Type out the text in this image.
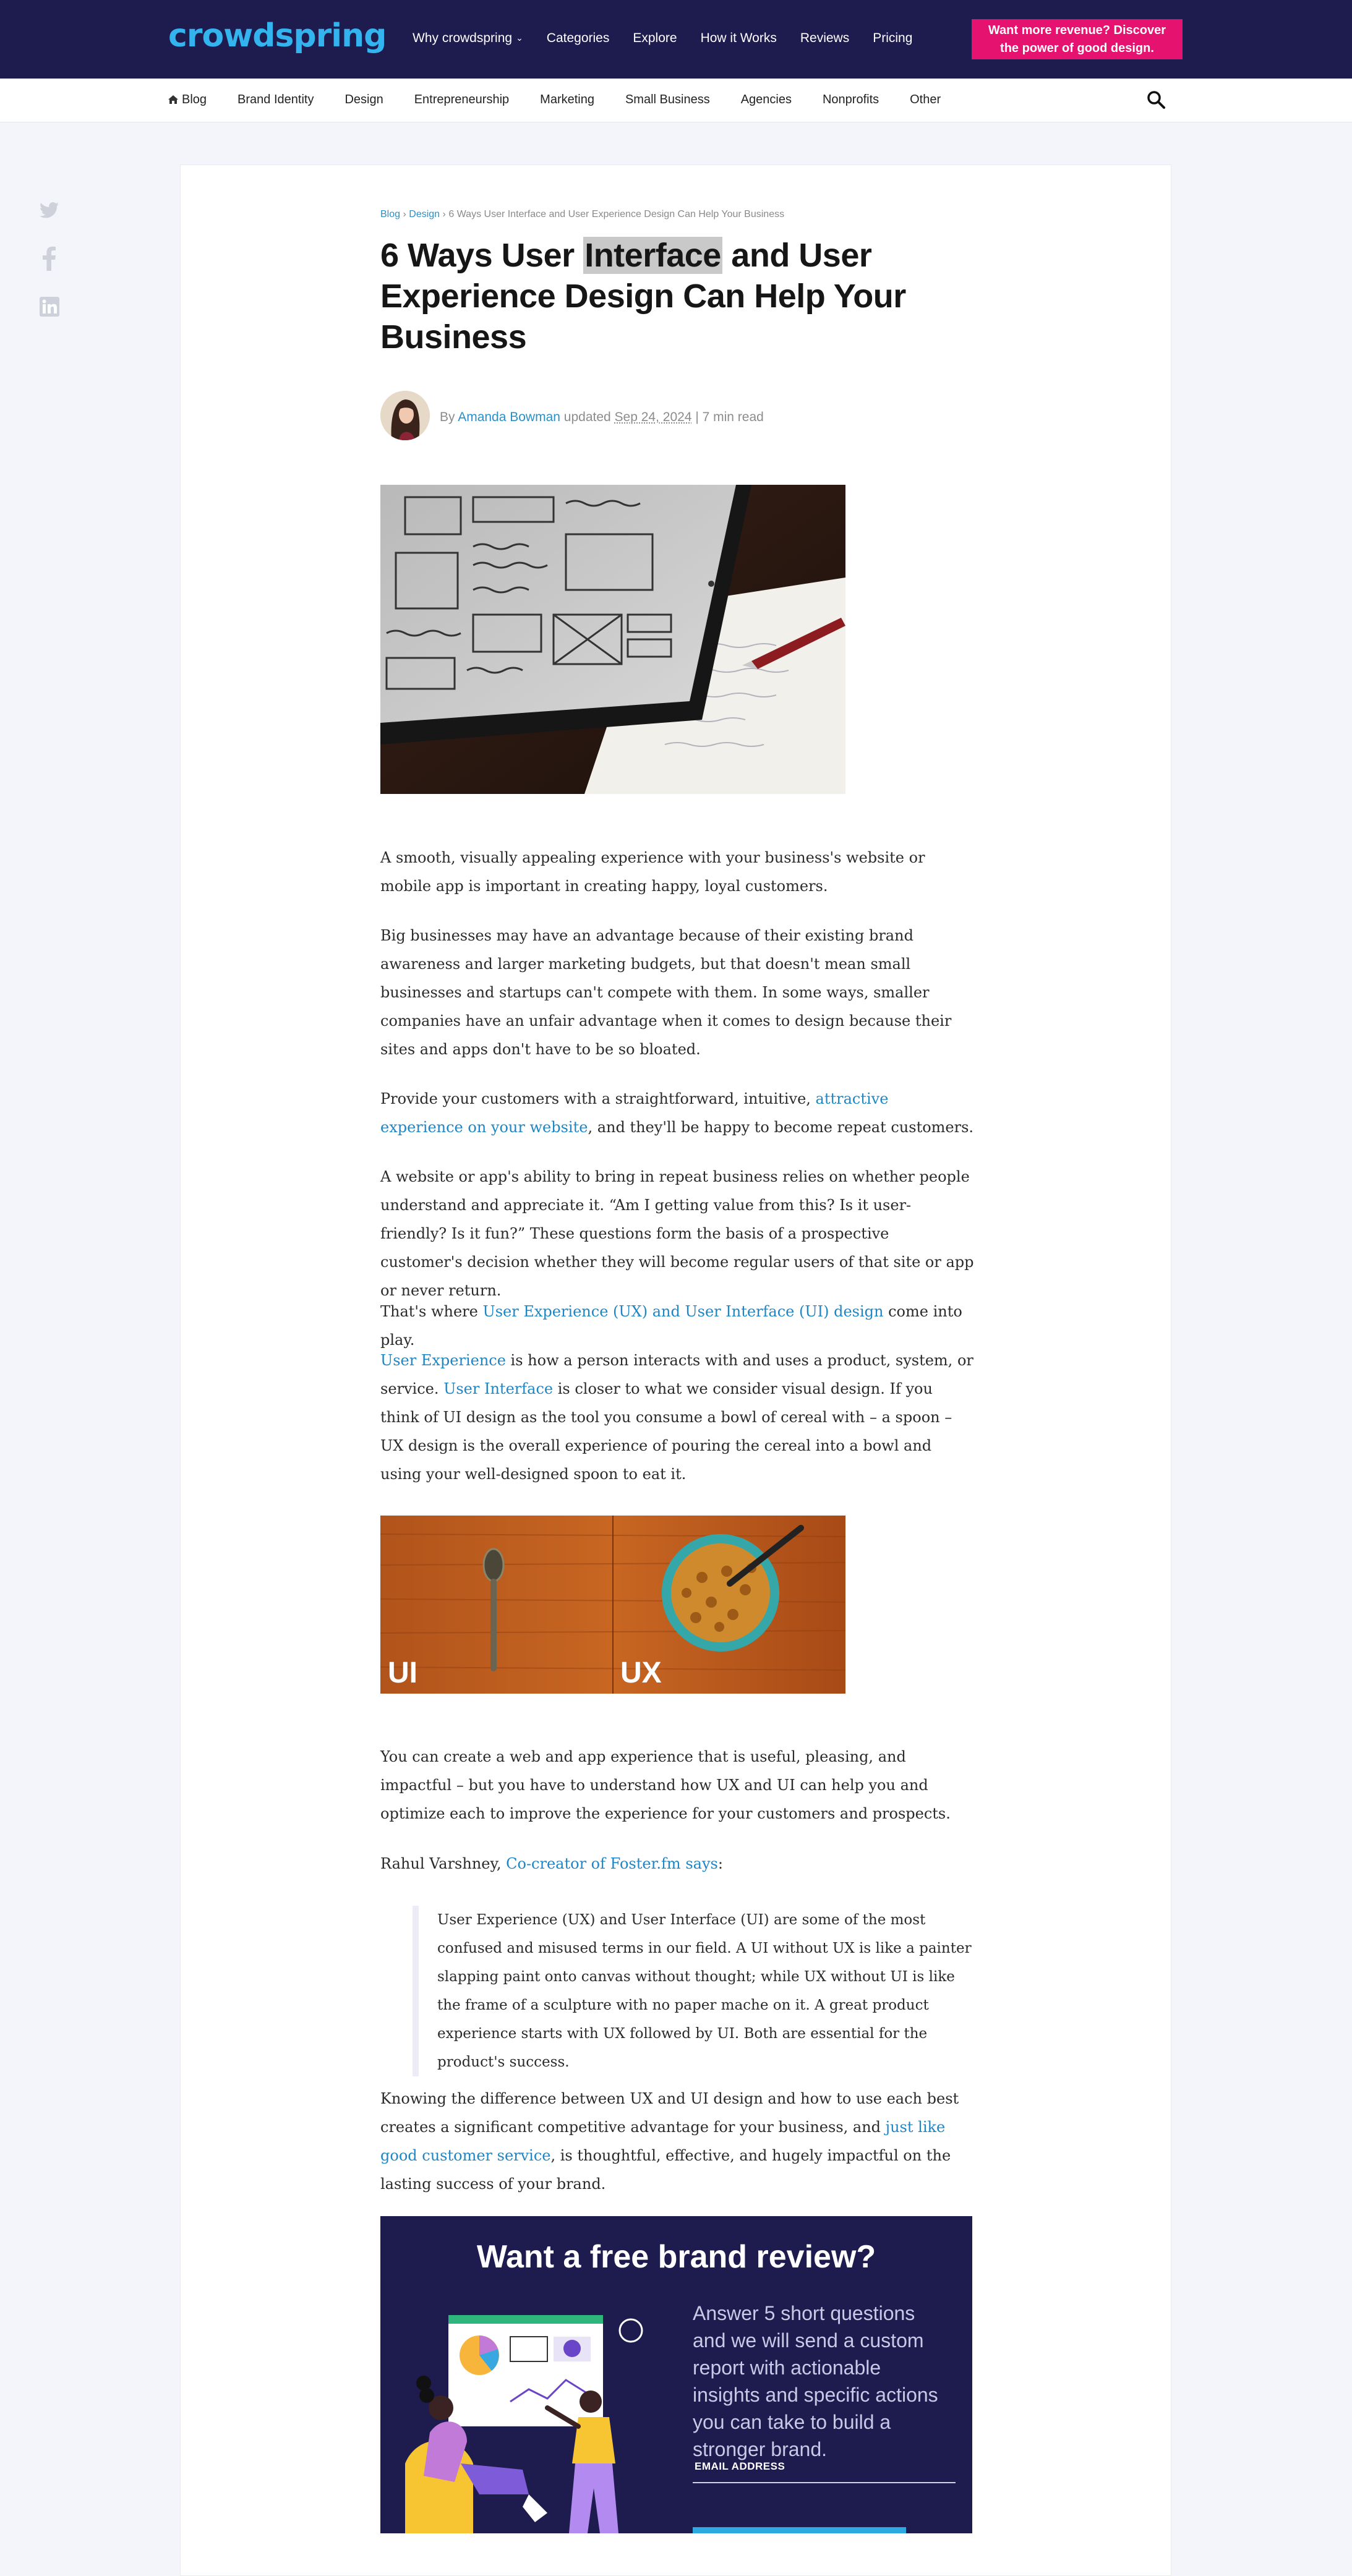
crowdspring Why crowdspring ⌄ Categories Explore How it Works Reviews Pricing
Want more revenue? Discover
the power of good design.
Blog	Brand Identity	Design	Entrepreneurship	Marketing	Small Business	Agencies	Nonprofits	Other
Blog › Design › 6 Ways User Interface and User Experience Design Can Help Your Business
6 Ways User Interface and User Experience Design Can Help Your Business
By Amanda Bowman updated Sep 24, 2024 | 7 min read

A smooth, visually appealing experience with your business's website or mobile app is important in creating happy, loyal customers.

Big businesses may have an advantage because of their existing brand awareness and larger marketing budgets, but that doesn't mean small businesses and startups can't compete with them. In some ways, smaller companies have an unfair advantage when it comes to design because their sites and apps don't have to be so bloated.

Provide your customers with a straightforward, intuitive, attractive experience on your website, and they'll be happy to become repeat customers.

A website or app's ability to bring in repeat business relies on whether people understand and appreciate it. “Am I getting value from this? Is it user-friendly? Is it fun?” These questions form the basis of a prospective customer's decision whether they will become regular users of that site or app or never return.

That's where User Experience (UX) and User Interface (UI) design come into play.

User Experience is how a person interacts with and uses a product, system, or service. User Interface is closer to what we consider visual design. If you think of UI design as the tool you consume a bowl of cereal with – a spoon – UX design is the overall experience of pouring the cereal into a bowl and using your well-designed spoon to eat it.

UI	UX

You can create a web and app experience that is useful, pleasing, and impactful – but you have to understand how UX and UI can help you and optimize each to improve the experience for your customers and prospects.

Rahul Varshney, Co-creator of Foster.fm says:

User Experience (UX) and User Interface (UI) are some of the most confused and misused terms in our field. A UI without UX is like a painter slapping paint onto canvas without thought; while UX without UI is like the frame of a sculpture with no paper mache on it. A great product experience starts with UX followed by UI. Both are essential for the product's success.

Knowing the difference between UX and UI design and how to use each best creates a significant competitive advantage for your business, and just like good customer service, is thoughtful, effective, and hugely impactful on the lasting success of your brand.

Want a free brand review?
Answer 5 short questions and we will send a custom report with actionable insights and specific actions you can take to build a stronger brand.
EMAIL ADDRESS
